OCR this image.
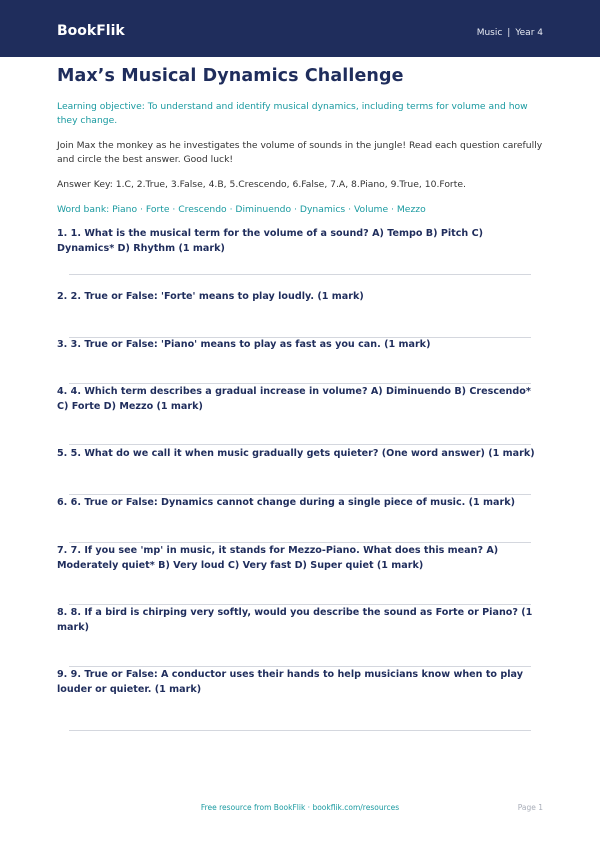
BookFlik	Music | Year 4
Max’s Musical Dynamics Challenge
Learning objective: To understand and identify musical dynamics, including terms for volume and how they change.
Join Max the monkey as he investigates the volume of sounds in the jungle! Read each question carefully and circle the best answer. Good luck!
Answer Key: 1.C, 2.True, 3.False, 4.B, 5.Crescendo, 6.False, 7.A, 8.Piano, 9.True, 10.Forte.
Word bank: Piano · Forte · Crescendo · Diminuendo · Dynamics · Volume · Mezzo
1. 1. What is the musical term for the volume of a sound? A) Tempo B) Pitch C) Dynamics* D) Rhythm (1 mark)
2. 2. True or False: 'Forte' means to play loudly. (1 mark)
3. 3. True or False: 'Piano' means to play as fast as you can. (1 mark)
4. 4. Which term describes a gradual increase in volume? A) Diminuendo B) Crescendo* C) Forte D) Mezzo (1 mark)
5. 5. What do we call it when music gradually gets quieter? (One word answer) (1 mark)
6. 6. True or False: Dynamics cannot change during a single piece of music. (1 mark)
7. 7. If you see 'mp' in music, it stands for Mezzo-Piano. What does this mean? A) Moderately quiet* B) Very loud C) Very fast D) Super quiet (1 mark)
8. 8. If a bird is chirping very softly, would you describe the sound as Forte or Piano? (1 mark)
9. 9. True or False: A conductor uses their hands to help musicians know when to play louder or quieter. (1 mark)
Free resource from BookFlik · bookflik.com/resources	Page 1
